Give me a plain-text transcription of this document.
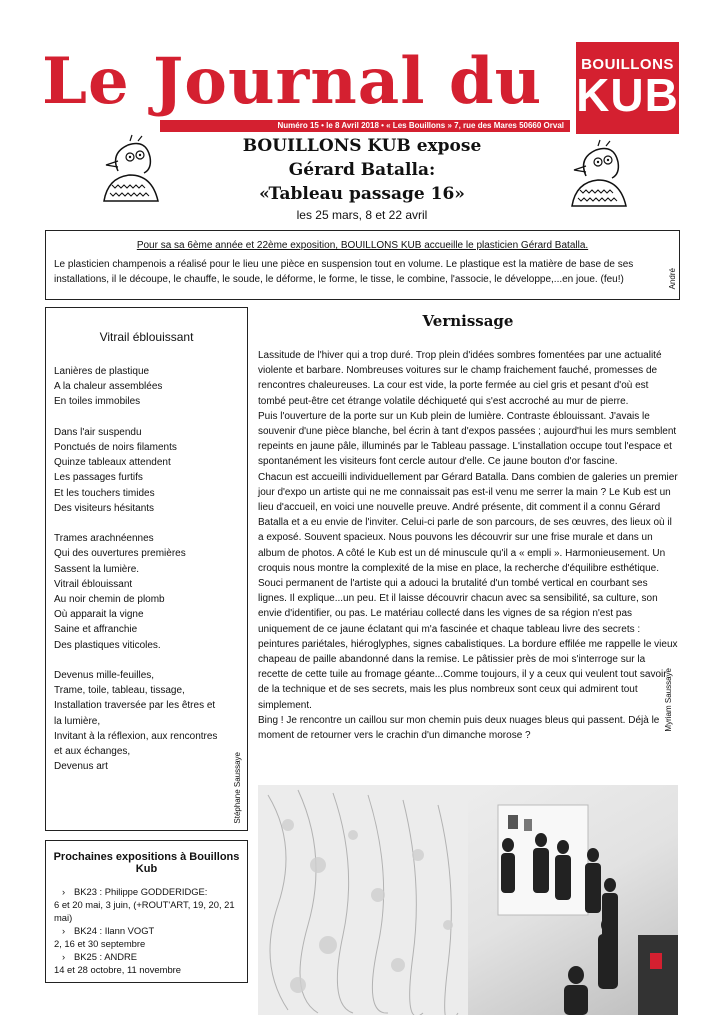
Le Journal du
Numéro 15 • le 8 Avril 2018 • « Les Bouillons » 7, rue des Mares 50660 Orval
BOUILLONS
KUB
BOUILLONS KUB expose
Gérard Batalla:
«Tableau passage 16»
les 25 mars, 8 et 22 avril
Pour sa sa 6ème année et 22ème exposition, BOUILLONS KUB accueille le plasticien Gérard Batalla.
Le plasticien champenois a réalisé pour le lieu une pièce en suspension tout en volume. Le plastique est la matière de base de ses installations, il le découpe, le chauffe, le soude, le déforme, le forme, le tisse, le combine, l'associe, le développe,...en joue. (feu!)	André
Vitrail éblouissant
Lanières de plastique
A la chaleur assemblées
En toiles immobiles
Dans l'air suspendu
Ponctués de noirs filaments
Quinze tableaux attendent
Les passages furtifs
Et les touchers timides
Des visiteurs hésitants
Trames arachnéennes
Qui des ouvertures premières
Sassent la lumière.
Vitrail éblouissant
Au noir chemin de plomb
Où apparait la vigne
Saine et affranchie
Des plastiques viticoles.
Devenus mille-feuilles,
Trame, toile, tableau, tissage,
Installation traversée par les êtres et la lumière,
Invitant à la réflexion, aux rencontres et aux échanges,
Devenus art	Stéphane Saussaye
Prochaines expositions à Bouillons Kub
› BK23 : Philippe GODDERIDGE:
6 et 20 mai, 3 juin, (+ROUT'ART, 19, 20, 21 mai)
› BK24 : Ilann VOGT
2, 16 et 30 septembre
› BK25 : ANDRE
14 et 28 octobre, 11 novembre
Vernissage

Lassitude de l'hiver qui a trop duré. Trop plein d'idées sombres fomentées par une actualité violente et barbare. Nombreuses voitures sur le champ fraichement fauché, promesses de rencontres chaleureuses. La cour est vide, la porte fermée au ciel gris et pesant d'où est tombé peut-être cet étrange volatile déchiqueté qui s'est accroché au mur de pierre.

Puis l'ouverture de la porte sur un Kub plein de lumière. Contraste éblouissant. J'avais le souvenir d'une pièce blanche, bel écrin à tant d'expos passées ; aujourd'hui les murs semblent repeints en jaune pâle, illuminés par le Tableau passage. L'installation occupe tout l'espace et spontanément les visiteurs font cercle autour d'elle. Ce jaune bouton d'or fascine.

Chacun est accueilli individuellement par Gérard Batalla. Dans combien de galeries un premier jour d'expo un artiste qui ne me connaissait pas est-il venu me serrer la main ? Le Kub est un lieu d'accueil, en voici une nouvelle preuve. André présente, dit comment il a connu Gérard Batalla et a eu envie de l'inviter. Celui-ci parle de son parcours, de ses œuvres, des lieux où il a exposé. Souvent spacieux. Nous pouvons les découvrir sur une frise murale et dans un album de photos. A côté le Kub est un dé minuscule qu'il a « empli ». Harmonieusement. Un croquis nous montre la complexité de la mise en place, la recherche d'équilibre esthétique. Souci permanent de l'artiste qui a adouci la brutalité d'un tombé vertical en courbant ses lignes. Il explique...un peu. Et il laisse découvrir chacun avec sa sensibilité, sa culture, son envie d'identifier, ou pas. Le matériau collecté dans les vignes de sa région n'est pas uniquement de ce jaune éclatant qui m'a fascinée et chaque tableau livre des secrets : peintures pariétales, hiéroglyphes, signes cabalistiques. La bordure effilée me rappelle le vieux chapeau de paille abandonné dans la remise. Le pâtissier près de moi s'interroge sur la recette de cette tuile au fromage géante...Comme toujours, il y a ceux qui veulent tout savoir de la technique et de ses secrets, mais les plus nombreux sont ceux qui admirent tout simplement.

Bing ! Je rencontre un caillou sur mon chemin puis deux nuages bleus qui passent. Déjà le moment de retourner vers le crachin d'un dimanche morose ?

Myriam Saussaye
